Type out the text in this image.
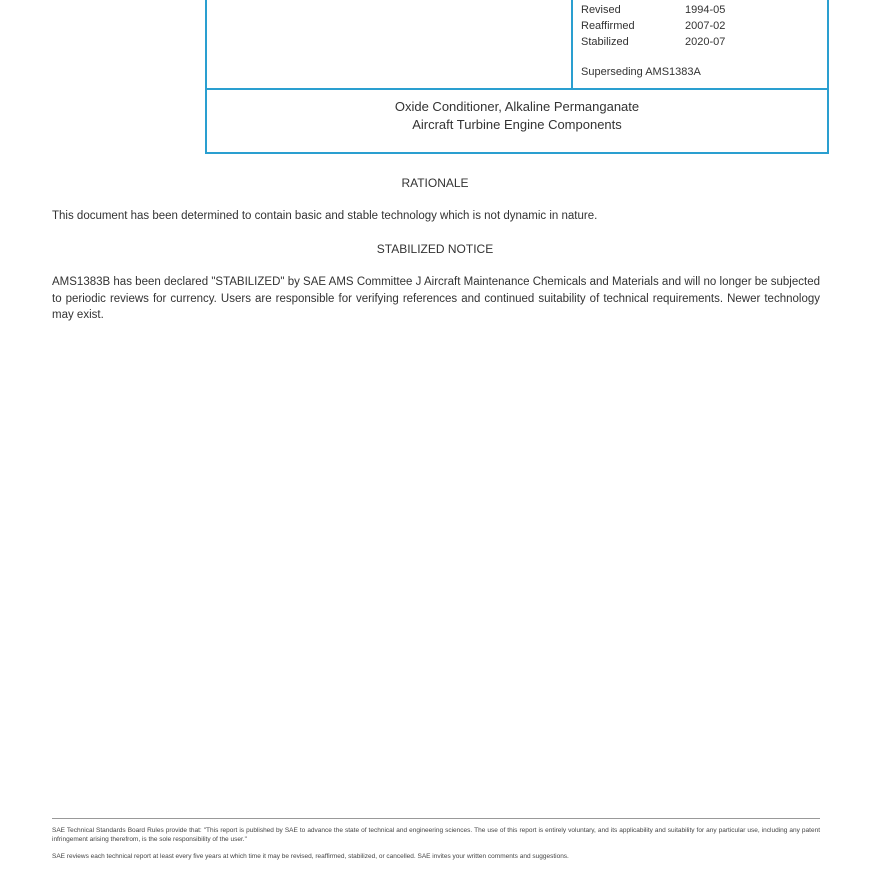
Revised	1994-05
Reaffirmed	2007-02
Stabilized	2020-07
Superseding AMS1383A
Oxide Conditioner, Alkaline Permanganate
Aircraft Turbine Engine Components
RATIONALE
This document has been determined to contain basic and stable technology which is not dynamic in nature.
STABILIZED NOTICE
AMS1383B has been declared "STABILIZED" by SAE AMS Committee J Aircraft Maintenance Chemicals and Materials and will no longer be subjected to periodic reviews for currency. Users are responsible for verifying references and continued suitability of technical requirements. Newer technology may exist.
SAE Technical Standards Board Rules provide that: "This report is published by SAE to advance the state of technical and engineering sciences. The use of this report is entirely voluntary, and its applicability and suitability for any particular use, including any patent infringement arising therefrom, is the sole responsibility of the user."
SAE reviews each technical report at least every five years at which time it may be revised, reaffirmed, stabilized, or cancelled. SAE invites your written comments and suggestions.
